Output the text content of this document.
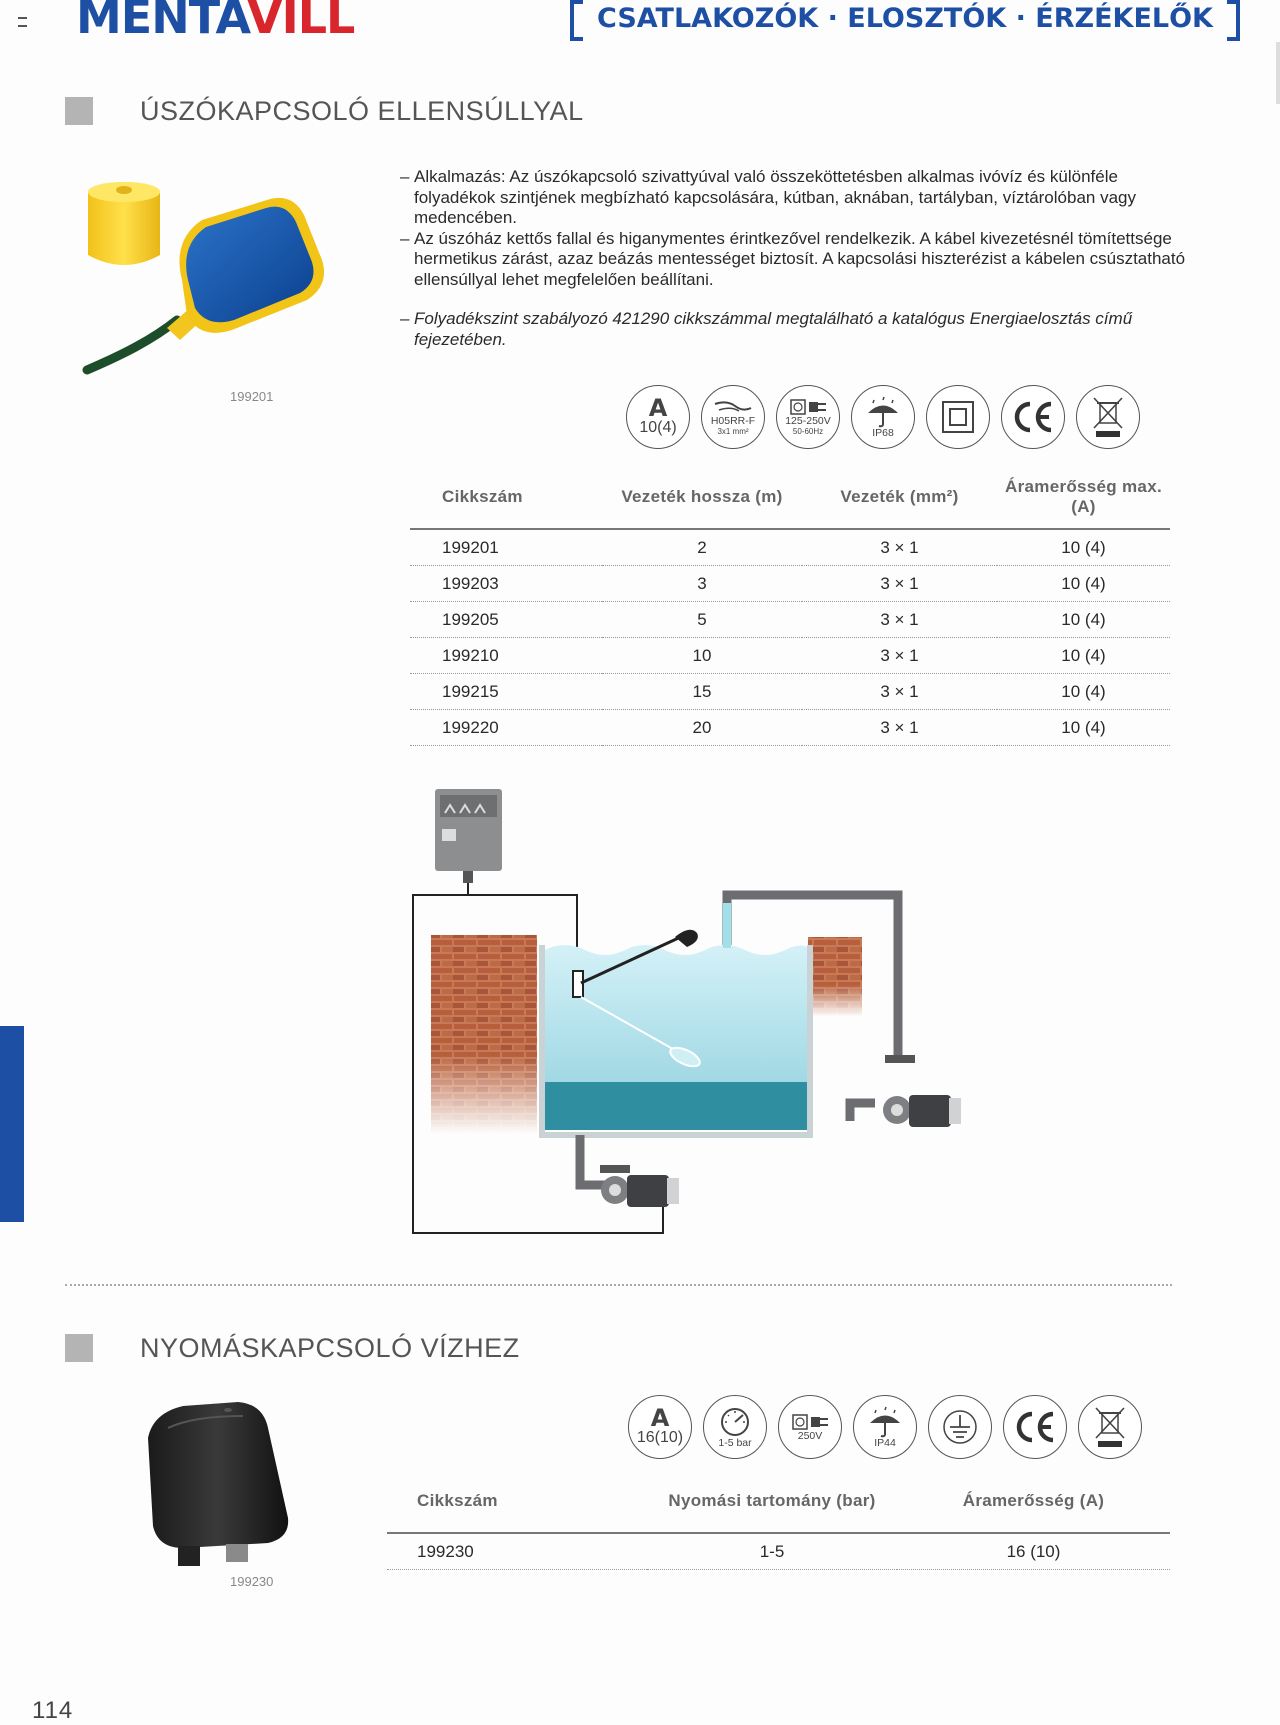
MENTAVILL	CSATLAKOZÓK · ELOSZTÓK · ÉRZÉKELŐK
ÚSZÓKAPCSOLÓ ELLENSÚLLYAL
199201

– Alkalmazás: Az úszókapcsoló szivattyúval való összeköttetésben alkalmas ivóvíz és különféle folyadékok szintjének megbízható kapcsolására, kútban, aknában, tartályban, víztárolóban vagy medencében.

– Az úszóház kettős fallal és higanymentes érintkezővel rendelkezik. A kábel kivezetésnél tömítettsége hermetikus zárást, azaz beázás mentességet biztosít. A kapcsolási hiszterézist a kábelen csúsztatható ellensúllyal lehet megfelelően beállítani.

– Folyadékszint szabályozó 421290 cikkszámmal megtalálható a katalógus Energiaelosztás című fejezetében.

A
10(4)	H05RR-F
3x1 mm²
125-250V
50-60Hz	IP68
Cikkszám	Vezeték hossza (m)	Vezeték (mm²)	Áramerősség max. (A)
199201	2	3 × 1	10 (4)
199203	3	3 × 1	10 (4)
199205	5	3 × 1	10 (4)
199210	10	3 × 1	10 (4)
199215	15	3 × 1	10 (4)
199220	20	3 × 1	10 (4)
NYOMÁSKAPCSOLÓ VÍZHEZ
199230
A
16(10)	1-5 bar
250V
IP44
Cikkszám	Nyomási tartomány (bar)	Áramerősség (A)
199230	1-5	16 (10)
114
